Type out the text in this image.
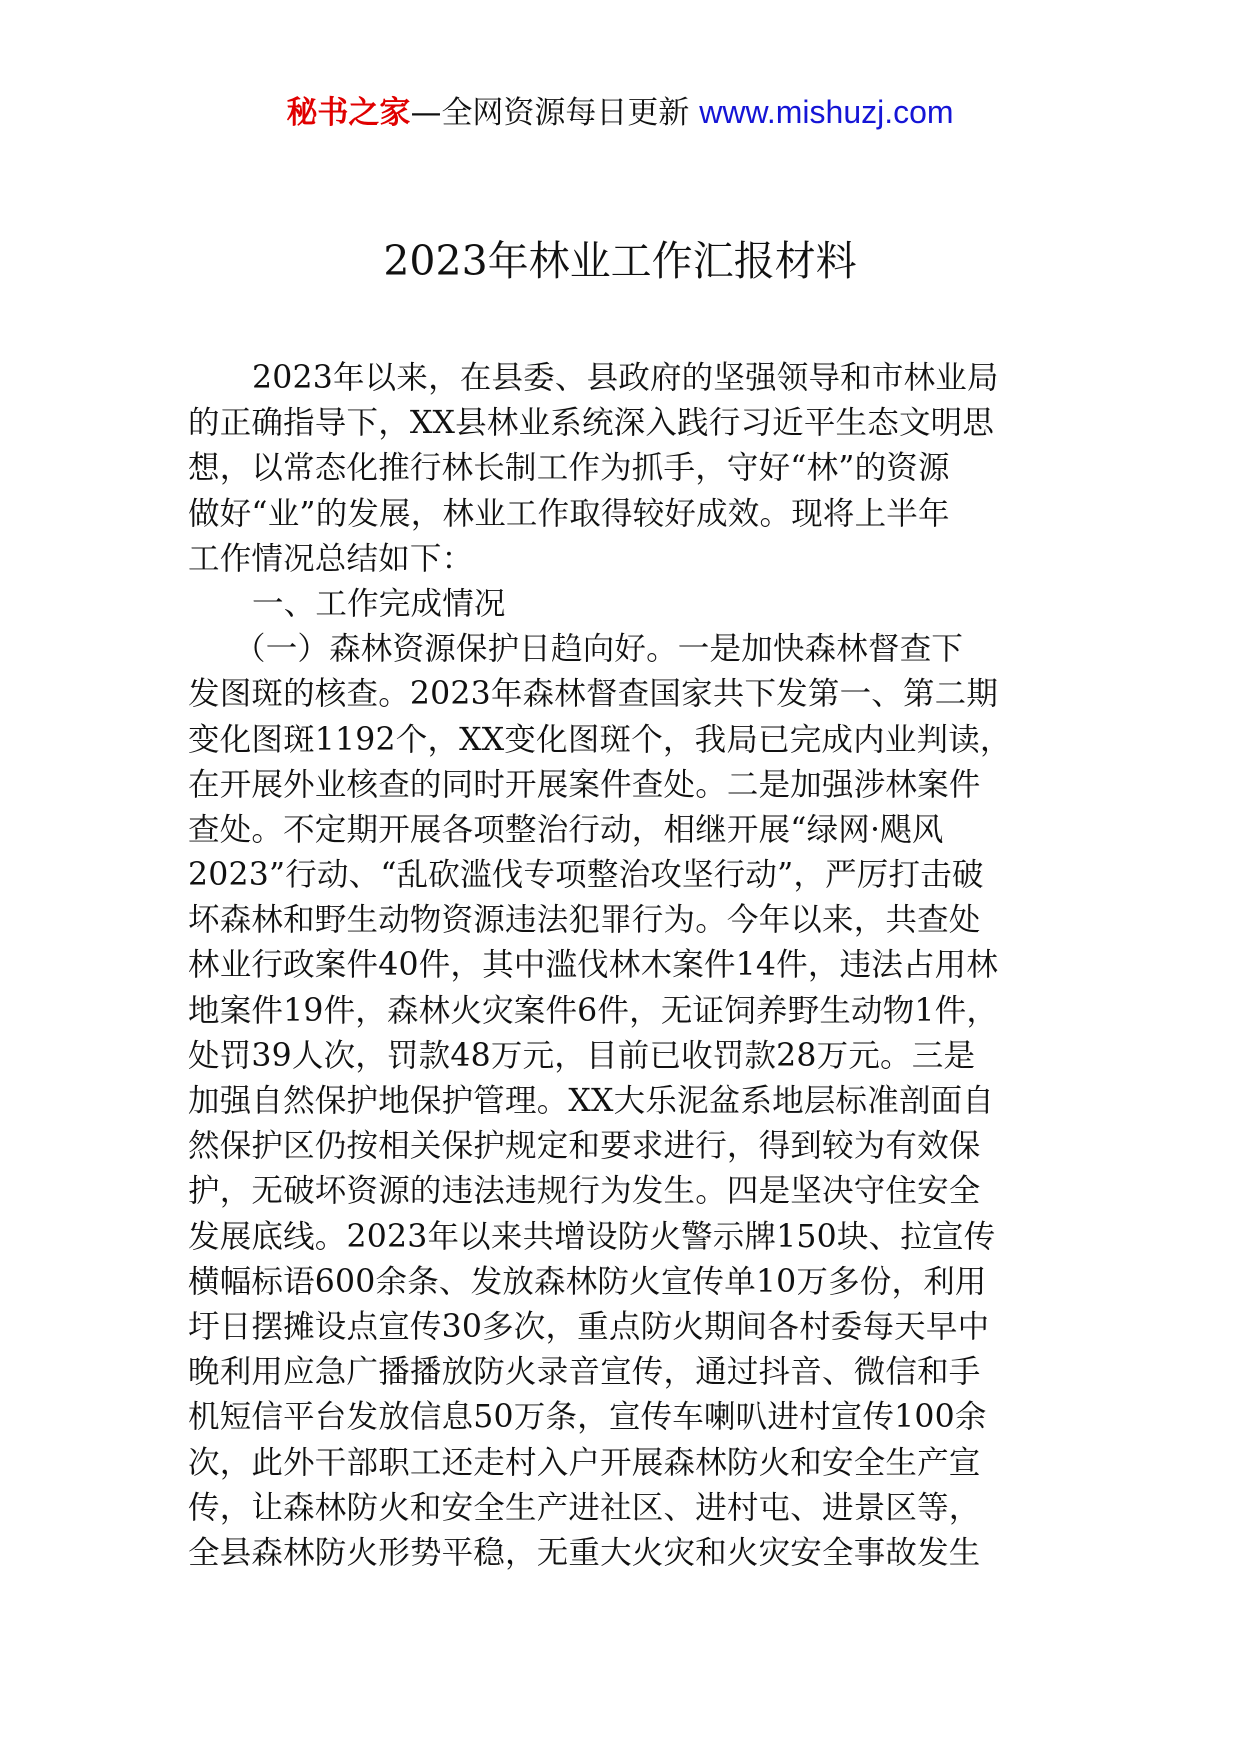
秘书之家—全网资源每日更新 www.mishuzj.com
2023年林业工作汇报材料
2023年以来，在县委、县政府的坚强领导和市林业局
的正确指导下，XX县林业系统深入践行习近平生态文明思
想，以常态化推行林长制工作为抓手，守好“林”的资源
做好“业”的发展，林业工作取得较好成效。现将上半年
工作情况总结如下：
一、工作完成情况
（一）森林资源保护日趋向好。一是加快森林督查下
发图斑的核查。2023年森林督查国家共下发第一、第二期
变化图斑1192个，XX变化图斑个，我局已完成内业判读，
在开展外业核查的同时开展案件查处。二是加强涉林案件
查处。不定期开展各项整治行动，相继开展“绿网·飓风
2023”行动、“乱砍滥伐专项整治攻坚行动”，严厉打击破
坏森林和野生动物资源违法犯罪行为。今年以来，共查处
林业行政案件40件，其中滥伐林木案件14件，违法占用林
地案件19件，森林火灾案件6件，无证饲养野生动物1件，
处罚39人次，罚款48万元，目前已收罚款28万元。三是
加强自然保护地保护管理。XX大乐泥盆系地层标准剖面自
然保护区仍按相关保护规定和要求进行，得到较为有效保
护，无破坏资源的违法违规行为发生。四是坚决守住安全
发展底线。2023年以来共增设防火警示牌150块、拉宣传
横幅标语600余条、发放森林防火宣传单10万多份，利用
圩日摆摊设点宣传30多次，重点防火期间各村委每天早中
晚利用应急广播播放防火录音宣传，通过抖音、微信和手
机短信平台发放信息50万条，宣传车喇叭进村宣传100余
次，此外干部职工还走村入户开展森林防火和安全生产宣
传，让森林防火和安全生产进社区、进村屯、进景区等，
全县森林防火形势平稳，无重大火灾和火灾安全事故发生
